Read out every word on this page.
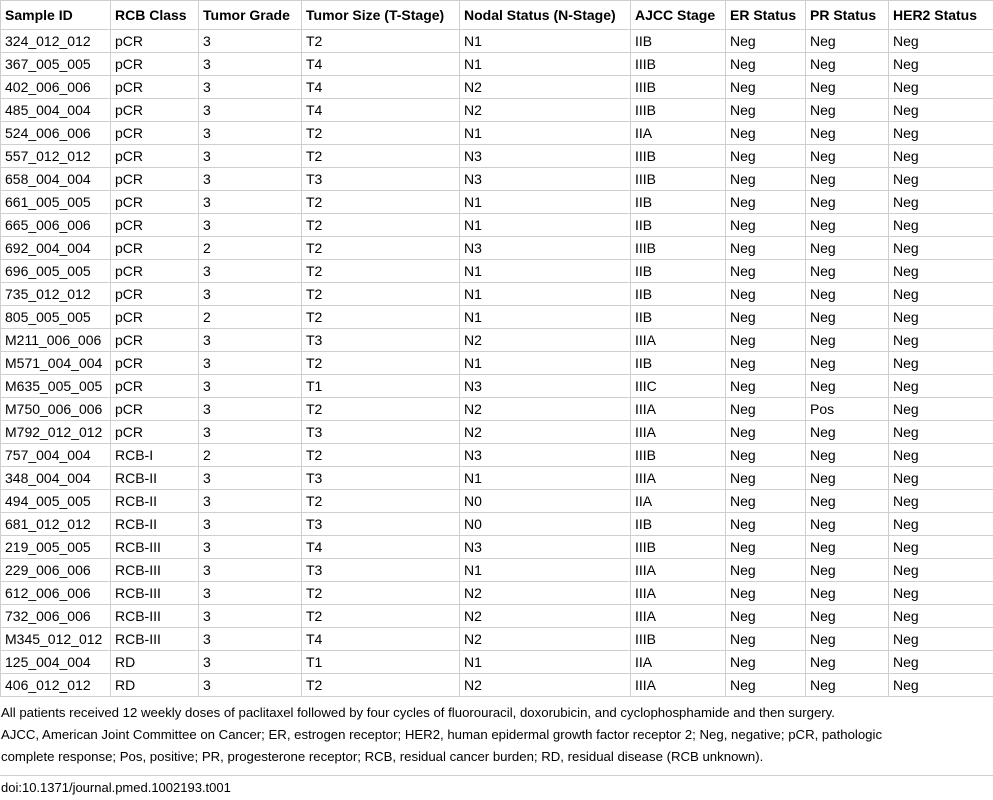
Sample ID	RCB Class	Tumor Grade	Tumor Size (T-Stage)	Nodal Status (N-Stage)	AJCC Stage	ER Status	PR Status	HER2 Status
324_012_012	pCR	3	T2	N1	IIB	Neg	Neg	Neg
367_005_005	pCR	3	T4	N1	IIIB	Neg	Neg	Neg
402_006_006	pCR	3	T4	N2	IIIB	Neg	Neg	Neg
485_004_004	pCR	3	T4	N2	IIIB	Neg	Neg	Neg
524_006_006	pCR	3	T2	N1	IIA	Neg	Neg	Neg
557_012_012	pCR	3	T2	N3	IIIB	Neg	Neg	Neg
658_004_004	pCR	3	T3	N3	IIIB	Neg	Neg	Neg
661_005_005	pCR	3	T2	N1	IIB	Neg	Neg	Neg
665_006_006	pCR	3	T2	N1	IIB	Neg	Neg	Neg
692_004_004	pCR	2	T2	N3	IIIB	Neg	Neg	Neg
696_005_005	pCR	3	T2	N1	IIB	Neg	Neg	Neg
735_012_012	pCR	3	T2	N1	IIB	Neg	Neg	Neg
805_005_005	pCR	2	T2	N1	IIB	Neg	Neg	Neg
M211_006_006	pCR	3	T3	N2	IIIA	Neg	Neg	Neg
M571_004_004	pCR	3	T2	N1	IIB	Neg	Neg	Neg
M635_005_005	pCR	3	T1	N3	IIIC	Neg	Neg	Neg
M750_006_006	pCR	3	T2	N2	IIIA	Neg	Pos	Neg
M792_012_012	pCR	3	T3	N2	IIIA	Neg	Neg	Neg
757_004_004	RCB-I	2	T2	N3	IIIB	Neg	Neg	Neg
348_004_004	RCB-II	3	T3	N1	IIIA	Neg	Neg	Neg
494_005_005	RCB-II	3	T2	N0	IIA	Neg	Neg	Neg
681_012_012	RCB-II	3	T3	N0	IIB	Neg	Neg	Neg
219_005_005	RCB-III	3	T4	N3	IIIB	Neg	Neg	Neg
229_006_006	RCB-III	3	T3	N1	IIIA	Neg	Neg	Neg
612_006_006	RCB-III	3	T2	N2	IIIA	Neg	Neg	Neg
732_006_006	RCB-III	3	T2	N2	IIIA	Neg	Neg	Neg
M345_012_012	RCB-III	3	T4	N2	IIIB	Neg	Neg	Neg
125_004_004	RD	3	T1	N1	IIA	Neg	Neg	Neg
406_012_012	RD	3	T2	N2	IIIA	Neg	Neg	Neg

All patients received 12 weekly doses of paclitaxel followed by four cycles of fluorouracil, doxorubicin, and cyclophosphamide and then surgery.

AJCC, American Joint Committee on Cancer; ER, estrogen receptor; HER2, human epidermal growth factor receptor 2; Neg, negative; pCR, pathologic

complete response; Pos, positive; PR, progesterone receptor; RCB, residual cancer burden; RD, residual disease (RCB unknown).

doi:10.1371/journal.pmed.1002193.t001
